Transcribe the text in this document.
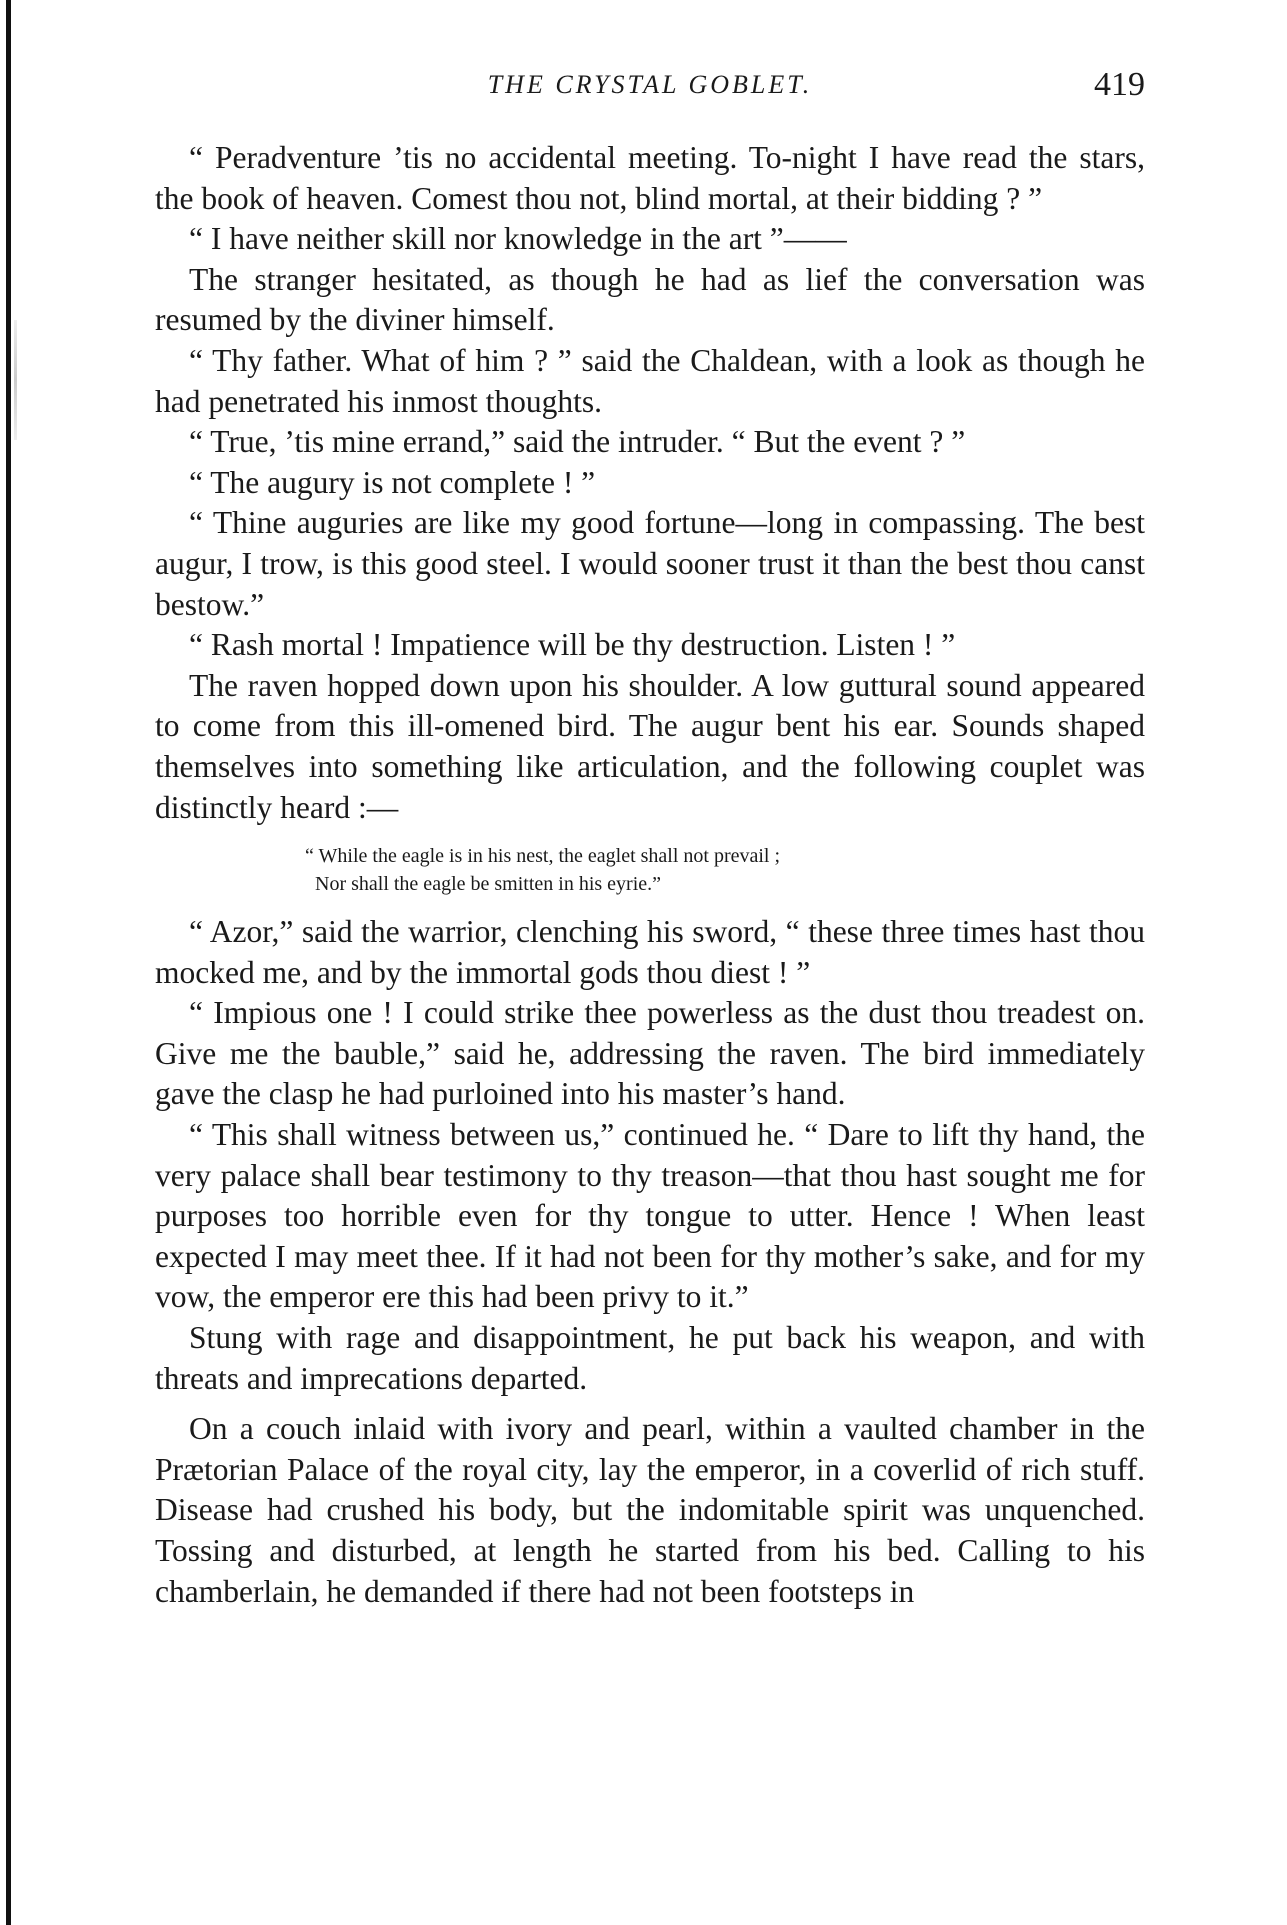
THE CRYSTAL GOBLET.	419

“ Peradventure ’tis no accidental meeting. To-night I have read the stars, the book of heaven. Comest thou not, blind mortal, at their bidding ? ”

“ I have neither skill nor knowledge in the art ”——

The stranger hesitated, as though he had as lief the conversation was resumed by the diviner himself.

“ Thy father. What of him ? ” said the Chaldean, with a look as though he had penetrated his inmost thoughts.

“ True, ’tis mine errand,” said the intruder. “ But the event ? ”

“ The augury is not complete ! ”

“ Thine auguries are like my good fortune—long in compassing. The best augur, I trow, is this good steel. I would sooner trust it than the best thou canst bestow.”

“ Rash mortal ! Impatience will be thy destruction. Listen ! ”

The raven hopped down upon his shoulder. A low guttural sound appeared to come from this ill-omened bird. The augur bent his ear. Sounds shaped themselves into something like articulation, and the following couplet was distinctly heard :—

“ While the eagle is in his nest, the eaglet shall not prevail ;
Nor shall the eagle be smitten in his eyrie.”

“ Azor,” said the warrior, clenching his sword, “ these three times hast thou mocked me, and by the immortal gods thou diest ! ”

“ Impious one ! I could strike thee powerless as the dust thou treadest on. Give me the bauble,” said he, addressing the raven. The bird immediately gave the clasp he had purloined into his master’s hand.

“ This shall witness between us,” continued he. “ Dare to lift thy hand, the very palace shall bear testimony to thy treason—that thou hast sought me for purposes too horrible even for thy tongue to utter. Hence ! When least expected I may meet thee. If it had not been for thy mother’s sake, and for my vow, the emperor ere this had been privy to it.”

Stung with rage and disappointment, he put back his weapon, and with threats and imprecations departed.

On a couch inlaid with ivory and pearl, within a vaulted chamber in the Prætorian Palace of the royal city, lay the emperor, in a coverlid of rich stuff. Disease had crushed his body, but the indomitable spirit was unquenched. Tossing and disturbed, at length he started from his bed. Calling to his chamberlain, he demanded if there had not been footsteps in
